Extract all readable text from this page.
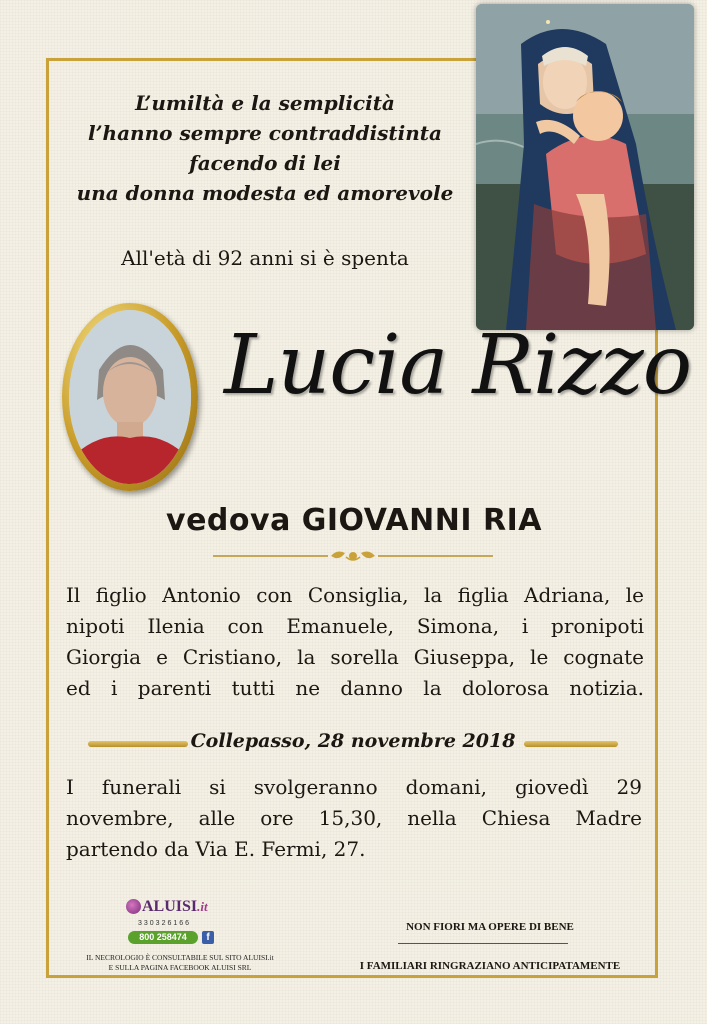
L’umiltà e la semplicità
l’hanno sempre contraddistinta
facendo di lei
una donna modesta ed amorevole
All'età di 92 anni si è spenta
Lucia Rizzo
vedova GIOVANNI RIA
Il figlio Antonio con Consiglia, la figlia Adriana, le
nipoti Ilenia con Emanuele, Simona, i pronipoti
Giorgia e Cristiano, la sorella Giuseppa, le cognate
ed i parenti tutti ne danno la dolorosa notizia.
Collepasso, 28 novembre 2018
I funerali si svolgeranno domani, giovedì 29
novembre, alle ore 15,30, nella Chiesa Madre
partendo da Via E. Fermi, 27.
ALUISI.it
330326166
800 258474	f
IL NECROLOGIO È CONSULTABILE SUL SITO ALUISI.it
E SULLA PAGINA FACEBOOK ALUISI SRL
NON FIORI MA OPERE DI BENE
I FAMILIARI RINGRAZIANO ANTICIPATAMENTE
